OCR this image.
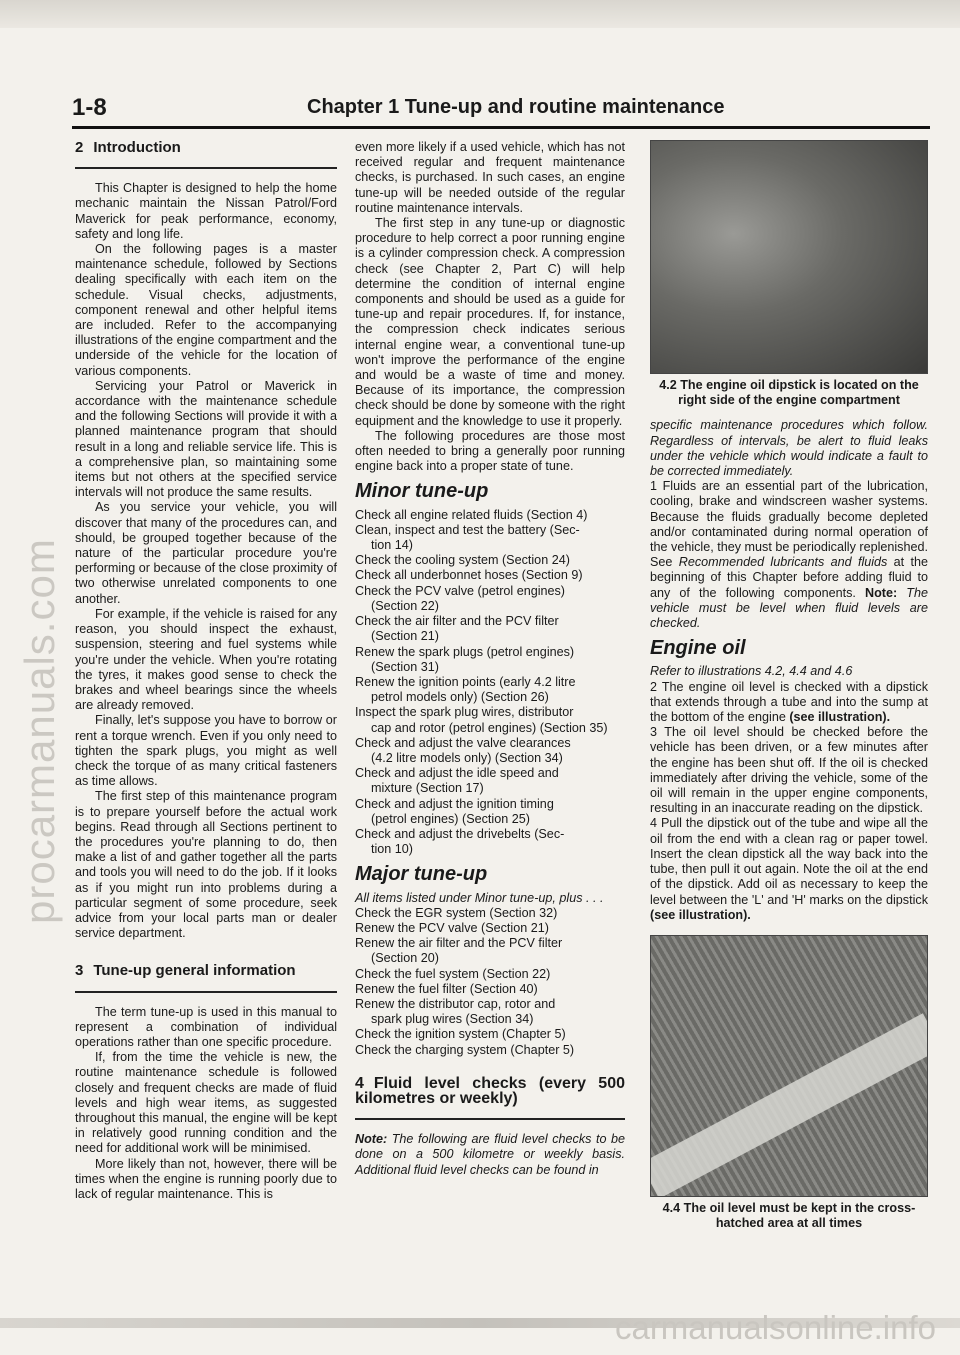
procarmanuals.com
1-8	Chapter 1 Tune-up and routine maintenance
2 Introduction

This Chapter is designed to help the home mechanic maintain the Nissan Patrol/Ford Maverick for peak performance, economy, safety and long life.

On the following pages is a master maintenance schedule, followed by Sections dealing specifically with each item on the schedule. Visual checks, adjustments, component renewal and other helpful items are included. Refer to the accompanying illustrations of the engine compartment and the underside of the vehicle for the location of various components.

Servicing your Patrol or Maverick in accordance with the maintenance schedule and the following Sections will provide it with a planned maintenance program that should result in a long and reliable service life. This is a comprehensive plan, so maintaining some items but not others at the specified service intervals will not produce the same results.

As you service your vehicle, you will discover that many of the procedures can, and should, be grouped together because of the nature of the particular procedure you're performing or because of the close proximity of two otherwise unrelated components to one another.

For example, if the vehicle is raised for any reason, you should inspect the exhaust, suspension, steering and fuel systems while you're under the vehicle. When you're rotating the tyres, it makes good sense to check the brakes and wheel bearings since the wheels are already removed.

Finally, let's suppose you have to borrow or rent a torque wrench. Even if you only need to tighten the spark plugs, you might as well check the torque of as many critical fasteners as time allows.

The first step of this maintenance program is to prepare yourself before the actual work begins. Read through all Sections pertinent to the procedures you're planning to do, then make a list of and gather together all the parts and tools you will need to do the job. If it looks as if you might run into problems during a particular segment of some procedure, seek advice from your local parts man or dealer service department.

3 Tune-up general information

The term tune-up is used in this manual to represent a combination of individual operations rather than one specific procedure.

If, from the time the vehicle is new, the routine maintenance schedule is followed closely and frequent checks are made of fluid levels and high wear items, as suggested throughout this manual, the engine will be kept in relatively good running condition and the need for additional work will be minimised.

More likely than not, however, there will be times when the engine is running poorly due to lack of regular maintenance. This is

even more likely if a used vehicle, which has not received regular and frequent maintenance checks, is purchased. In such cases, an engine tune-up will be needed outside of the regular routine maintenance intervals.

The first step in any tune-up or diagnostic procedure to help correct a poor running engine is a cylinder compression check. A compression check (see Chapter 2, Part C) will help determine the condition of internal engine components and should be used as a guide for tune-up and repair procedures. If, for instance, the compression check indicates serious internal engine wear, a conventional tune-up won't improve the performance of the engine and would be a waste of time and money. Because of its importance, the compression check should be done by someone with the right equipment and the knowledge to use it properly.

The following procedures are those most often needed to bring a generally poor running engine back into a proper state of tune.

Minor tune-up
Check all engine related fluids (Section 4)
Clean, inspect and test the battery (Sec-
tion 14)
Check the cooling system (Section 24)
Check all underbonnet hoses (Section 9)
Check the PCV valve (petrol engines)
(Section 22)
Check the air filter and the PCV filter
(Section 21)
Renew the spark plugs (petrol engines)
(Section 31)
Renew the ignition points (early 4.2 litre
petrol models only) (Section 26)
Inspect the spark plug wires, distributor
cap and rotor (petrol engines) (Section 35)
Check and adjust the valve clearances
(4.2 litre models only) (Section 34)
Check and adjust the idle speed and
mixture (Section 17)
Check and adjust the ignition timing
(petrol engines) (Section 25)
Check and adjust the drivebelts (Sec-
tion 10)
Major tune-up
All items listed under Minor tune-up, plus . . .
Check the EGR system (Section 32)
Renew the PCV valve (Section 21)
Renew the air filter and the PCV filter
(Section 20)
Check the fuel system (Section 22)
Renew the fuel filter (Section 40)
Renew the distributor cap, rotor and
spark plug wires (Section 34)
Check the ignition system (Chapter 5)
Check the charging system (Chapter 5)
4 Fluid level checks (every 500 kilometres or weekly)

Note: The following are fluid level checks to be done on a 500 kilometre or weekly basis. Additional fluid level checks can be found in

4.2 The engine oil dipstick is located on the right side of the engine compartment

specific maintenance procedures which follow. Regardless of intervals, be alert to fluid leaks under the vehicle which would indicate a fault to be corrected immediately.

1 Fluids are an essential part of the lubrication, cooling, brake and windscreen washer systems. Because the fluids gradually become depleted and/or contaminated during normal operation of the vehicle, they must be periodically replenished. See Recommended lubricants and fluids at the beginning of this Chapter before adding fluid to any of the following components. Note: The vehicle must be level when fluid levels are checked.

Engine oil
Refer to illustrations 4.2, 4.4 and 4.6

2 The engine oil level is checked with a dipstick that extends through a tube and into the sump at the bottom of the engine (see illustration).

3 The oil level should be checked before the vehicle has been driven, or a few minutes after the engine has been shut off. If the oil is checked immediately after driving the vehicle, some of the oil will remain in the upper engine components, resulting in an inaccurate reading on the dipstick.

4 Pull the dipstick out of the tube and wipe all the oil from the end with a clean rag or paper towel. Insert the clean dipstick all the way back into the tube, then pull it out again. Note the oil at the end of the dipstick. Add oil as necessary to keep the level between the 'L' and 'H' marks on the dipstick (see illustration).

4.4 The oil level must be kept in the cross-hatched area at all times
carmanualsonline.info
